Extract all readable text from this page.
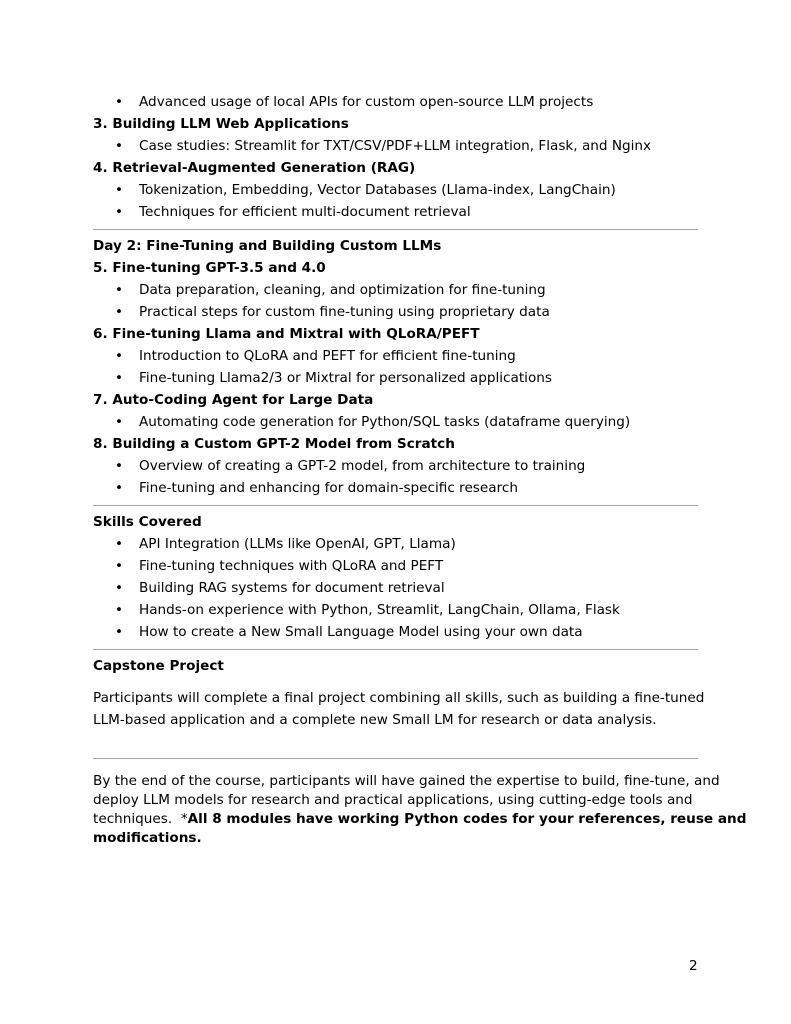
• Advanced usage of local APIs for custom open-source LLM projects
3. Building LLM Web Applications
• Case studies: Streamlit for TXT/CSV/PDF+LLM integration, Flask, and Nginx
4. Retrieval-Augmented Generation (RAG)
• Tokenization, Embedding, Vector Databases (Llama-index, LangChain)
• Techniques for efficient multi-document retrieval
Day 2: Fine-Tuning and Building Custom LLMs
5. Fine-tuning GPT-3.5 and 4.0
• Data preparation, cleaning, and optimization for fine-tuning
• Practical steps for custom fine-tuning using proprietary data
6. Fine-tuning Llama and Mixtral with QLoRA/PEFT
• Introduction to QLoRA and PEFT for efficient fine-tuning
• Fine-tuning Llama2/3 or Mixtral for personalized applications
7. Auto-Coding Agent for Large Data
• Automating code generation for Python/SQL tasks (dataframe querying)
8. Building a Custom GPT-2 Model from Scratch
• Overview of creating a GPT-2 model, from architecture to training
• Fine-tuning and enhancing for domain-specific research
Skills Covered
• API Integration (LLMs like OpenAI, GPT, Llama)
• Fine-tuning techniques with QLoRA and PEFT
• Building RAG systems for document retrieval
• Hands-on experience with Python, Streamlit, LangChain, Ollama, Flask
• How to create a New Small Language Model using your own data
Capstone Project
Participants will complete a final project combining all skills, such as building a fine-tuned
LLM-based application and a complete new Small LM for research or data analysis.
By the end of the course, participants will have gained the expertise to build, fine-tune, and
deploy LLM models for research and practical applications, using cutting-edge tools and
techniques.  *All 8 modules have working Python codes for your references, reuse and
modifications.
2
